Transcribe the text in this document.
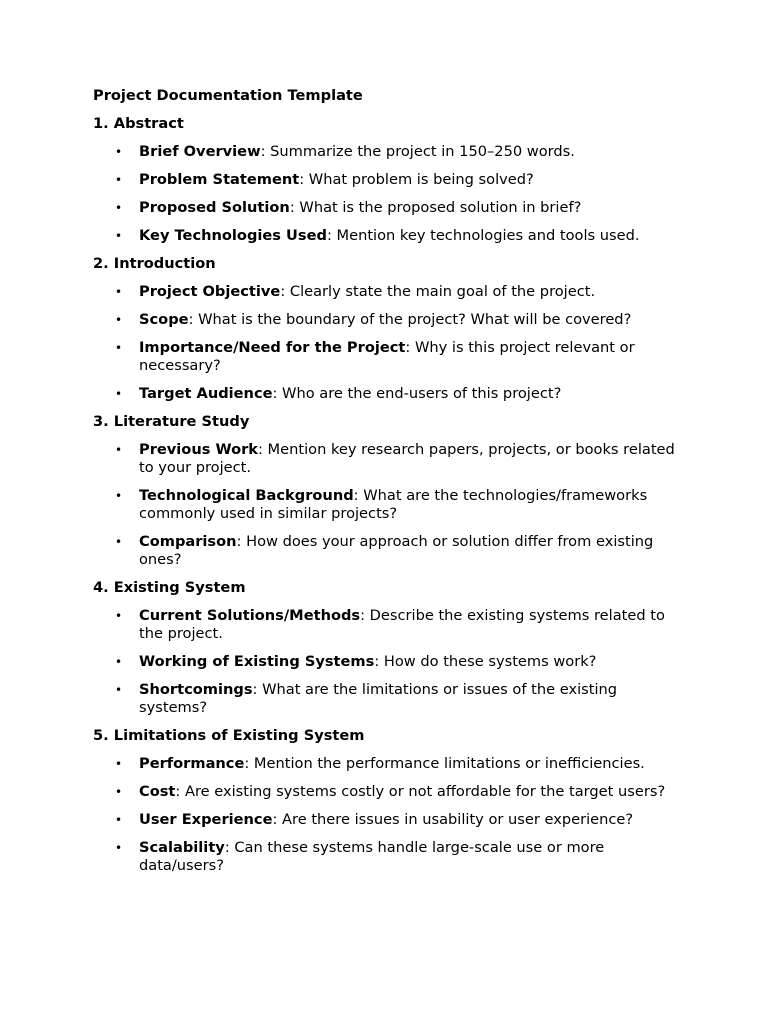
Project Documentation Template
1. Abstract
• Brief Overview: Summarize the project in 150–250 words.
• Problem Statement: What problem is being solved?
• Proposed Solution: What is the proposed solution in brief?
• Key Technologies Used: Mention key technologies and tools used.
2. Introduction
• Project Objective: Clearly state the main goal of the project.
• Scope: What is the boundary of the project? What will be covered?
• Importance/Need for the Project: Why is this project relevant or necessary?
• Target Audience: Who are the end-users of this project?
3. Literature Study
• Previous Work: Mention key research papers, projects, or books related to your project.
• Technological Background: What are the technologies/frameworks commonly used in similar projects?
• Comparison: How does your approach or solution differ from existing ones?
4. Existing System
• Current Solutions/Methods: Describe the existing systems related to the project.
• Working of Existing Systems: How do these systems work?
• Shortcomings: What are the limitations or issues of the existing systems?
5. Limitations of Existing System
• Performance: Mention the performance limitations or inefficiencies.
• Cost: Are existing systems costly or not affordable for the target users?
• User Experience: Are there issues in usability or user experience?
• Scalability: Can these systems handle large-scale use or more data/users?
